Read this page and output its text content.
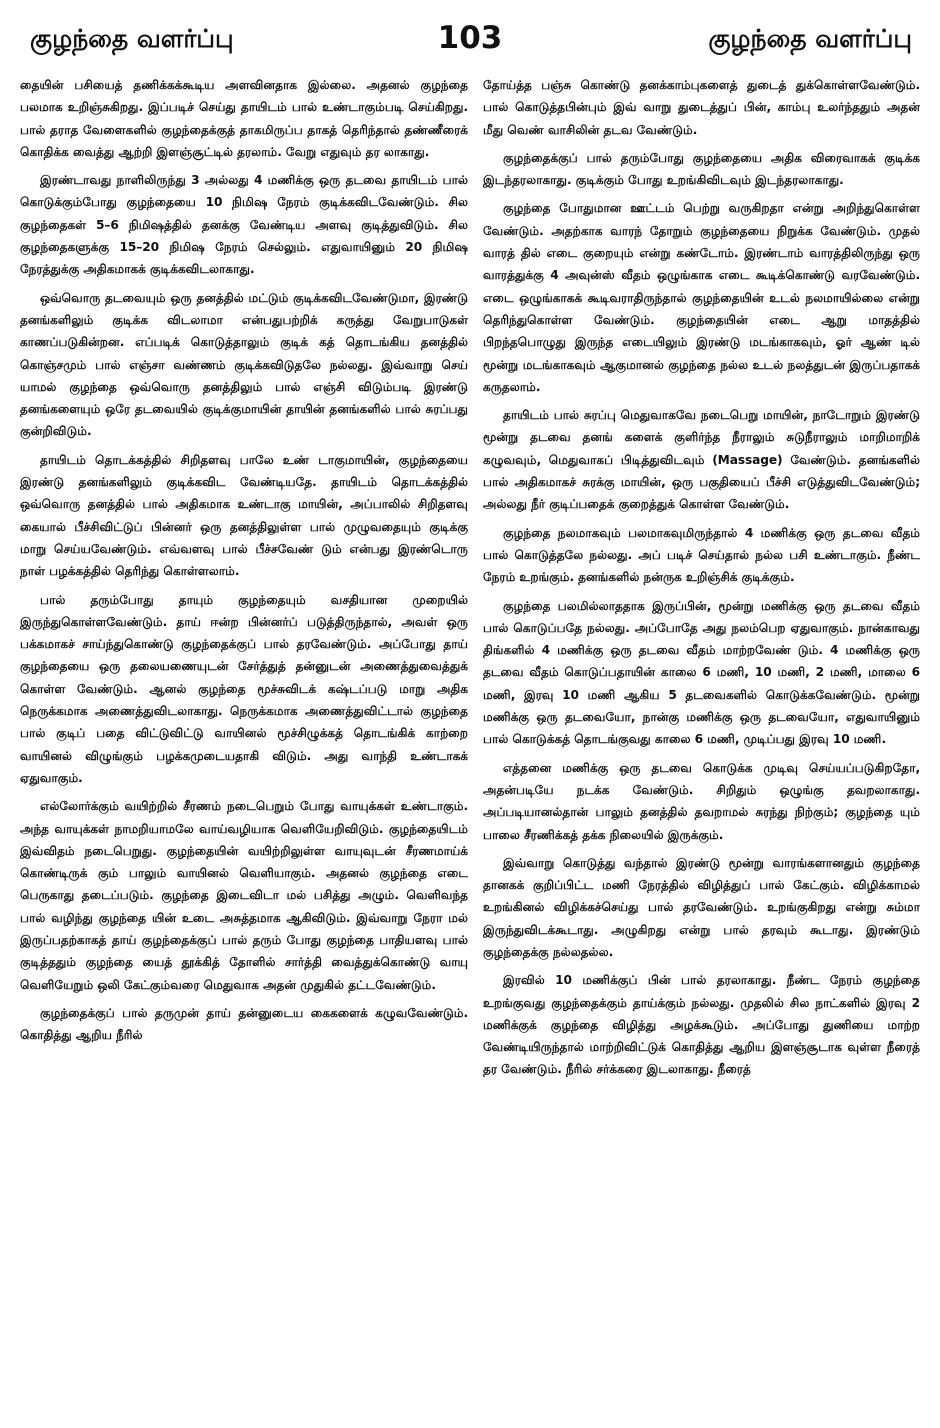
குழந்தை வளர்ப்பு	103	குழந்தை வளர்ப்பு

தையின் பசியைத் தணிக்கக்கூடிய அளவினதாக இல்லை. அதனல் குழந்தை பலமாக உறிஞ்சுகிறது. இப்படிச் செய்து தாயிடம் பால் உண்டாகும்படி செய்கிறது. பால் தராத வேளைகளில் குழந்தைக்குத் தாகமிருப்ப தாகத் தெரிந்தால் தண்ணீரைக் கொதிக்க வைத்து ஆற்றி இளஞ்சூட்டில் தரலாம். வேறு எதுவும் தர லாகாது.

இரண்டாவது நாளிலிருந்து 3 அல்லது 4 மணிக்கு ஒரு தடவை தாயிடம் பால் கொடுக்கும்போது குழந்தையை 10 நிமிஷ நேரம் குடிக்கவிடவேண்டும். சில குழந்தைகள் 5–6 நிமிஷத்தில் தனக்கு வேண்டிய அளவு குடித்துவிடும். சில குழந்தைகளுக்கு 15–20 நிமிஷ நேரம் செல்லும். எதுவாயினும் 20 நிமிஷ நேரத்துக்கு அதிகமாகக் குடிக்கவிடலாகாது.

ஒவ்வொரு தடவையும் ஒரு தனத்தில் மட்டும் குடிக்கவிடவேண்டுமா, இரண்டு தனங்களிலும் குடிக்க விடலாமா என்பதுபற்றிக் கருத்து வேறுபாடுகள் காணப்படுகின்றன. எப்படிக் கொடுத்தாலும் குடிக் கத் தொடங்கிய தனத்தில் கொஞ்சமும் பால் எஞ்சா வண்ணம் குடிக்கவிடுதலே நல்லது. இவ்வாறு செய் யாமல் குழந்தை ஒவ்வொரு தனத்திலும் பால் எஞ்சி விடும்படி இரண்டு தனங்களையும் ஒரே தடவையில் குடிக்குமாயின் தாயின் தனங்களில் பால் சுரப்பது குன்றிவிடும்.

தாயிடம் தொடக்கத்தில் சிறிதளவு பாலே உண் டாகுமாயின், குழந்தையை இரண்டு தனங்களிலும் குடிக்கவிட வேண்டியதே. தாயிடம் தொடக்கத்தில் ஒவ்வொரு தனத்தில் பால் அதிகமாக உண்டாகு மாயின், அப்பாலில் சிறிதளவு கையால் பீச்சிவிட்டுப் பின்னர் ஒரு தனத்திலுள்ள பால் முழுவதையும் குடிக்கு மாறு செய்யவேண்டும். எவ்வளவு பால் பீச்சவேண் டும் என்பது இரண்டொரு நாள் பழக்கத்தில் தெரிந்து கொள்ளலாம்.

பால் தரும்போது தாயும் குழந்தையும் வசதியான முறையில் இருந்துகொள்ளவேண்டும். தாய் ஈன்ற பின்னர்ப் படுத்திருந்தால், அவள் ஒரு பக்கமாகச் சாய்ந்துகொண்டு குழந்தைக்குப் பால் தரவேண்டும். அப்போது தாய் குழந்தையை ஒரு தலையணையுடன் சேர்த்துத் தன்னுடன் அணைத்துவைத்துக் கொள்ள வேண்டும். ஆனல் குழந்தை மூச்சுவிடக் கஷ்டப்படு மாறு அதிக நெருக்கமாக அணைத்துவிடலாகாது. நெருக்கமாக அணைத்துவிட்டால் குழந்தை பால் குடிப் பதை விட்டுவிட்டு வாயினல் மூச்சிழுக்கத் தொடங்கிக் காற்றை வாயினல் விழுங்கும் பழக்கமுடையதாகி விடும். அது வாந்தி உண்டாகக் ஏதுவாகும்.

எல்லோர்க்கும் வயிற்றில் சீரணம் நடைபெறும் போது வாயுக்கள் உண்டாகும். அந்த வாயுக்கள் நாமறியாமலே வாய்வழியாக வெளியேறிவிடும். குழந்தையிடம் இவ்விதம் நடைபெறுது. குழந்தையின் வயிற்றிலுள்ள வாயுவுடன் சீரணமாய்க் கொண்டிருக் கும் பாலும் வாயினல் வெளியாகும். அதனல் குழந்தை எடை பெருகாது தடைப்படும். குழந்தை இடைவிடா மல் பசித்து அழும். வெளிவந்த பால் வழிந்து குழந்தை யின் உடை அசுத்தமாக ஆகிவிடும். இவ்வாறு நேரா மல் இருப்பதற்காகத் தாய் குழந்தைக்குப் பால் தரும் போது குழந்தை பாதியளவு பால் குடித்ததும் குழந்தை யைத் தூக்கித் தோளில் சார்த்தி வைத்துக்கொண்டு வாயு வெளியேறும் ஒலி கேட்கும்வரை மெதுவாக அதன் முதுகில் தட்டவேண்டும்.

குழந்தைக்குப் பால் தருமுன் தாய் தன்னுடைய கைகளைக் கழுவவேண்டும். கொதித்து ஆறிய நீரில்

தோய்த்த பஞ்சு கொண்டு தனக்காம்புகளைத் துடைத் துக்கொள்ளவேண்டும். பால் கொடுத்தபின்பும் இவ் வாறு துடைத்துப் பின், காம்பு உலர்ந்ததும் அதன் மீது வெண் வாசிலின் தடவ வேண்டும்.

குழந்தைக்குப் பால் தரும்போது குழந்தையை அதிக விரைவாகக் குடிக்க இடந்தரலாகாது. குடிக்கும் போது உறங்கிவிடவும் இடந்தரலாகாது.

குழந்தை போதுமான ஊட்டம் பெற்று வருகிறதா என்று அறிந்துகொள்ள வேண்டும். அதற்காக வாரந் தோறும் குழந்தையை நிறுக்க வேண்டும். முதல் வாரத் தில் எடை குறையும் என்று கண்டோம். இரண்டாம் வாரத்திலிருந்து ஒரு வாரத்துக்கு 4 அவுன்ஸ் வீதம் ஒழுங்காக எடை கூடிக்கொண்டு வரவேண்டும். எடை ஒழுங்காகக் கூடிவராதிருந்தால் குழந்தையின் உடல் நலமாயில்லை என்று தெரிந்துகொள்ள வேண்டும். குழந்தையின் எடை ஆறு மாதத்தில் பிறந்தபொழுது இருந்த எடையிலும் இரண்டு மடங்காகவும், ஓர் ஆண் டில் மூன்று மடங்காகவும் ஆகுமானல் குழந்தை நல்ல உடல் நலத்துடன் இருப்பதாகக் கருதலாம்.

தாயிடம் பால் சுரப்பு மெதுவாகவே நடைபெறு மாயின், நாடோறும் இரண்டு மூன்று தடவை தனங் களைக் குளிர்ந்த நீராலும் சுடுநீராலும் மாறிமாறிக் கழுவவும், மெதுவாகப் பிடித்துவிடவும் (Massage) வேண்டும். தனங்களில் பால் அதிகமாகச் சுரக்கு மாயின், ஒரு பகுதியைப் பீச்சி எடுத்துவிடவேண்டும்; அல்லது நீர் குடிப்பதைக் குறைத்துக் கொள்ள வேண்டும்.

குழந்தை நலமாகவும் பலமாகவுமிருந்தால் 4 மணிக்கு ஒரு தடவை வீதம் பால் கொடுத்தலே நல்லது. அப் படிச் செய்தால் நல்ல பசி உண்டாகும். நீண்ட நேரம் உறங்கும். தனங்களில் நன்ருக உறிஞ்சிக் குடிக்கும்.

குழந்தை பலமில்லாததாக இருப்பின், மூன்று மணிக்கு ஒரு தடவை வீதம் பால் கொடுப்பதே நல்லது. அப்போதே அது நலம்பெற ஏதுவாகும். நான்காவது திங்களில் 4 மணிக்கு ஒரு தடவை வீதம் மாற்றவேண் டும். 4 மணிக்கு ஒரு தடவை வீதம் கொடுப்பதாயின் காலை 6 மணி, 10 மணி, 2 மணி, மாலை 6 மணி, இரவு 10 மணி ஆகிய 5 தடவைகளில் கொடுக்கவேண்டும். மூன்று மணிக்கு ஒரு தடவையோ, நான்கு மணிக்கு ஒரு தடவையோ, எதுவாயினும் பால் கொடுக்கத் தொடங்குவது காலை 6 மணி, முடிப்பது இரவு 10 மணி.

எத்தனை மணிக்கு ஒரு தடவை கொடுக்க முடிவு செய்யப்படுகிறதோ, அதன்படியே நடக்க வேண்டும். சிறிதும் ஒழுங்கு தவறலாகாது. அப்படியானல்தான் பாலும் தனத்தில் தவறாமல் சுரந்து நிற்கும்; குழந்தை யும் பாலை சீரணிக்கத் தக்க நிலையில் இருக்கும்.

இவ்வாறு கொடுத்து வந்தால் இரண்டு மூன்று வாரங்களானதும் குழந்தை தானகக் குறிப்பிட்ட மணி நேரத்தில் விழித்துப் பால் கேட்கும். விழிக்காமல் உறங்கினல் விழிக்கச்செய்து பால் தரவேண்டும். உறங்குகிறது என்று சும்மா இருந்துவிடக்கூடாது. அழுகிறது என்று பால் தரவும் கூடாது. இரண்டும் குழந்தைக்கு நல்லதல்ல.

இரவில் 10 மணிக்குப் பின் பால் தரலாகாது. நீண்ட நேரம் குழந்தை உறங்குவது குழந்தைக்கும் தாய்க்கும் நல்லது. முதலில் சில நாட்களில் இரவு 2 மணிக்குக் குழந்தை விழித்து அழக்கூடும். அப்போது துணியை மாற்ற வேண்டியிருந்தால் மாற்றிவிட்டுக் கொதித்து ஆறிய இளஞ்சூடாக வுள்ள நீரைத் தர வேண்டும். நீரில் சர்க்கரை இடலாகாது. நீரைத்
